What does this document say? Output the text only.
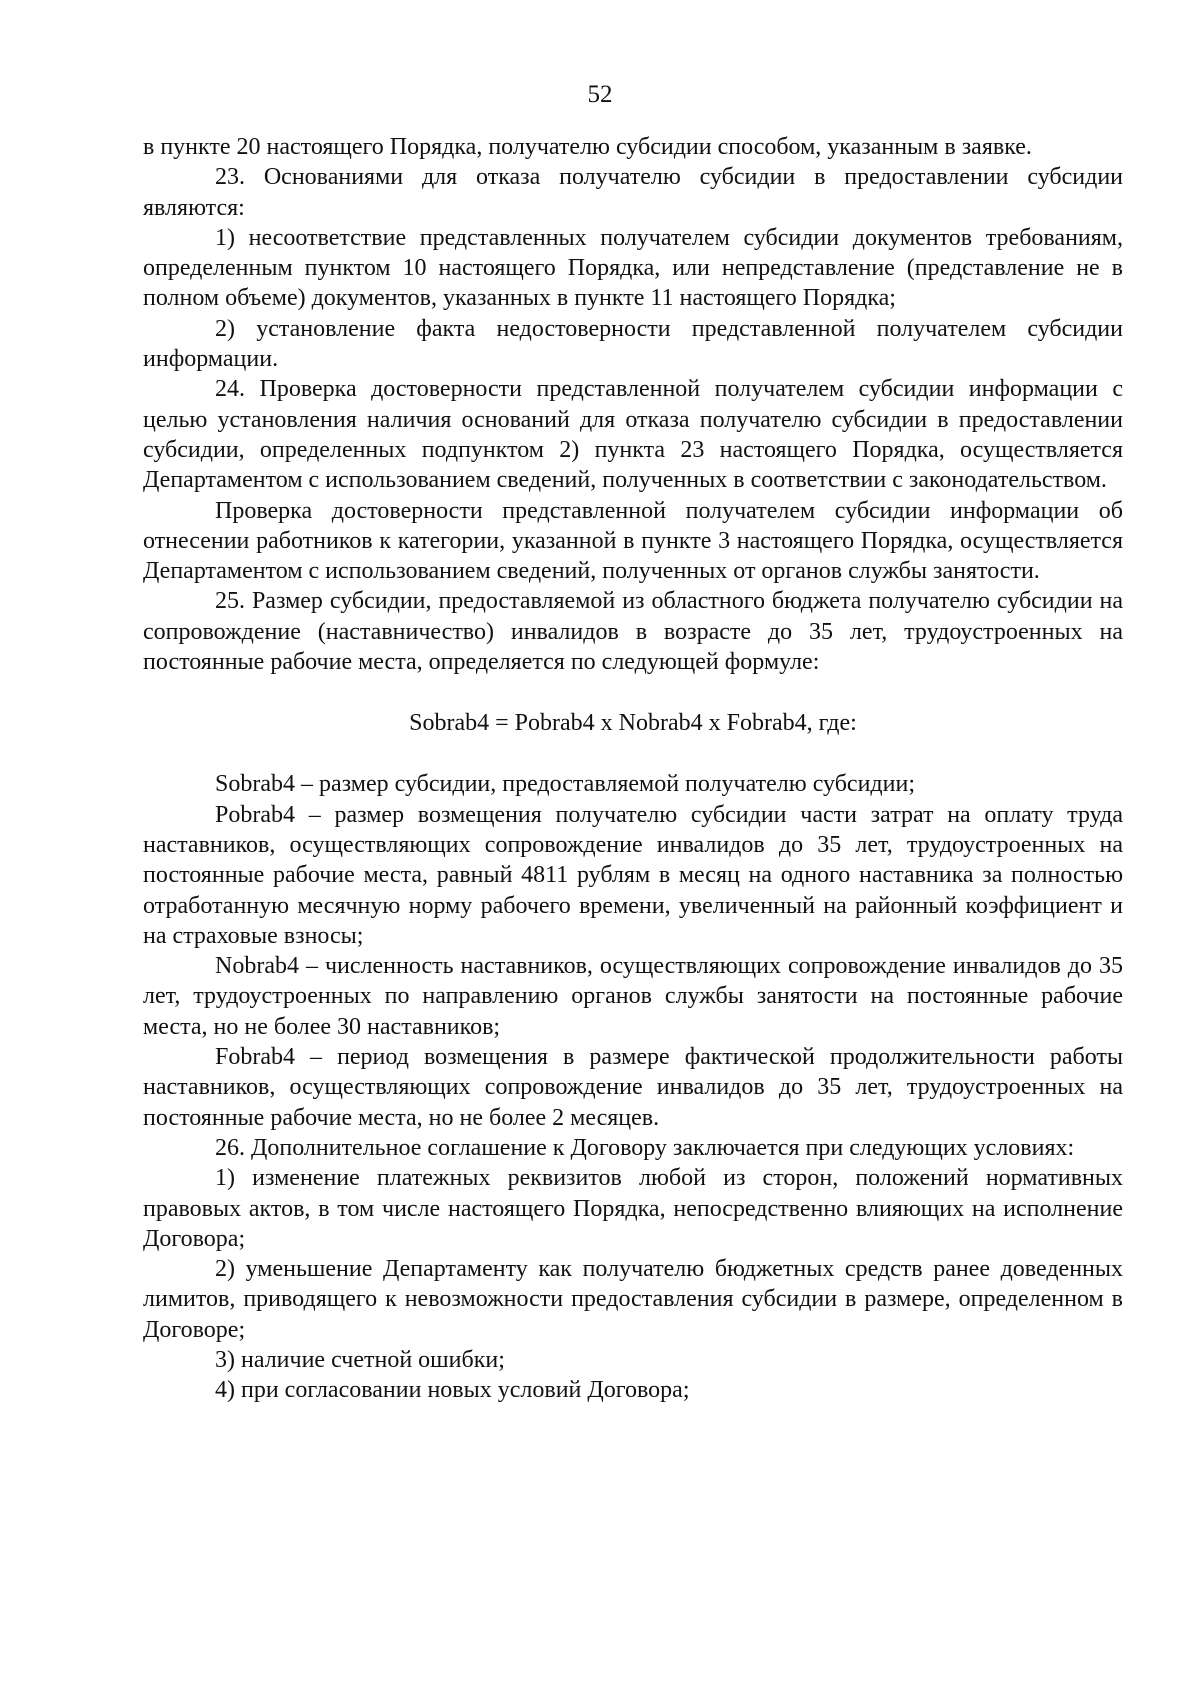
52

в пункте 20 настоящего Порядка, получателю субсидии способом, указанным в заявке.

23. Основаниями для отказа получателю субсидии в предоставлении субсидии являются:

1) несоответствие представленных получателем субсидии документов требованиям, определенным пунктом 10 настоящего Порядка, или непредставление (представление не в полном объеме) документов, указанных в пункте 11 настоящего Порядка;

2) установление факта недостоверности представленной получателем субсидии информации.

24. Проверка достоверности представленной получателем субсидии информации с целью установления наличия оснований для отказа получателю субсидии в предоставлении субсидии, определенных подпунктом 2) пункта 23 настоящего Порядка, осуществляется Департаментом с использованием сведений, полученных в соответствии с законодательством.

Проверка достоверности представленной получателем субсидии информации об отнесении работников к категории, указанной в пункте 3 настоящего Порядка, осуществляется Департаментом с использованием сведений, полученных от органов службы занятости.

25. Размер субсидии, предоставляемой из областного бюджета получателю субсидии на сопровождение (наставничество) инвалидов в возрасте до 35 лет, трудоустроенных на постоянные рабочие места, определяется по следующей формуле:

Sobrab4 = Pobrab4 x Nobrab4 x Fobrab4, где:

Sobrab4 – размер субсидии, предоставляемой получателю субсидии;

Pobrab4 – размер возмещения получателю субсидии части затрат на оплату труда наставников, осуществляющих сопровождение инвалидов до 35 лет, трудоустроенных на постоянные рабочие места, равный 4811 рублям в месяц на одного наставника за полностью отработанную месячную норму рабочего времени, увеличенный на районный коэффициент и на страховые взносы;

Nobrab4 – численность наставников, осуществляющих сопровождение инвалидов до 35 лет, трудоустроенных по направлению органов службы занятости на постоянные рабочие места, но не более 30 наставников;

Fobrab4 – период возмещения в размере фактической продолжительности работы наставников, осуществляющих сопровождение инвалидов до 35 лет, трудоустроенных на постоянные рабочие места, но не более 2 месяцев.

26. Дополнительное соглашение к Договору заключается при следующих условиях:

1) изменение платежных реквизитов любой из сторон, положений нормативных правовых актов, в том числе настоящего Порядка, непосредственно влияющих на исполнение Договора;

2) уменьшение Департаменту как получателю бюджетных средств ранее доведенных лимитов, приводящего к невозможности предоставления субсидии в размере, определенном в Договоре;

3) наличие счетной ошибки;

4) при согласовании новых условий Договора;
